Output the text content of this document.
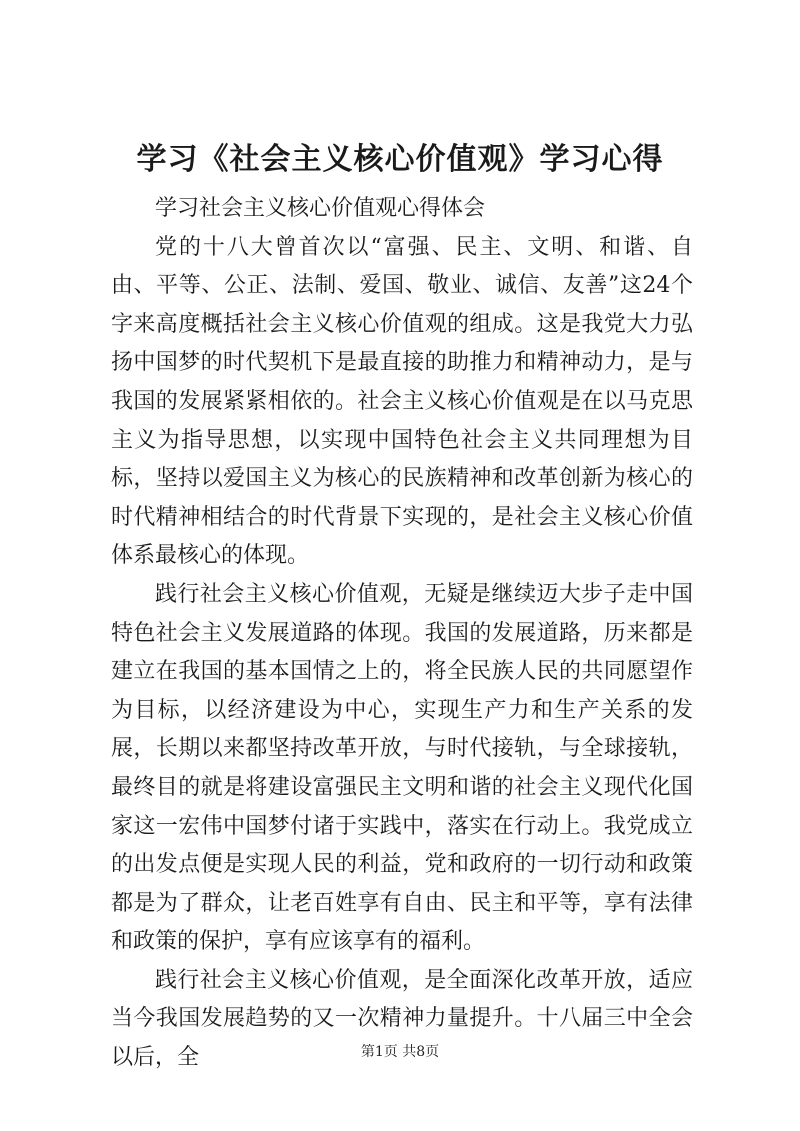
学习《社会主义核心价值观》学习心得

学习社会主义核心价值观心得体会

党的十八大曾首次以“富强、民主、文明、和谐、自由、平等、公正、法制、爱国、敬业、诚信、友善”这24个字来高度概括社会主义核心价值观的组成。这是我党大力弘扬中国梦的时代契机下是最直接的助推力和精神动力，是与我国的发展紧紧相依的。社会主义核心价值观是在以马克思主义为指导思想，以实现中国特色社会主义共同理想为目标，坚持以爱国主义为核心的民族精神和改革创新为核心的时代精神相结合的时代背景下实现的，是社会主义核心价值体系最核心的体现。

践行社会主义核心价值观，无疑是继续迈大步子走中国特色社会主义发展道路的体现。我国的发展道路，历来都是建立在我国的基本国情之上的，将全民族人民的共同愿望作为目标，以经济建设为中心，实现生产力和生产关系的发展，长期以来都坚持改革开放，与时代接轨，与全球接轨，最终目的就是将建设富强民主文明和谐的社会主义现代化国家这一宏伟中国梦付诸于实践中，落实在行动上。我党成立的出发点便是实现人民的利益，党和政府的一切行动和政策都是为了群众，让老百姓享有自由、民主和平等，享有法律和政策的保护，享有应该享有的福利。

践行社会主义核心价值观，是全面深化改革开放，适应当今我国发展趋势的又一次精神力量提升。十八届三中全会以后，全	第1页 共8页
